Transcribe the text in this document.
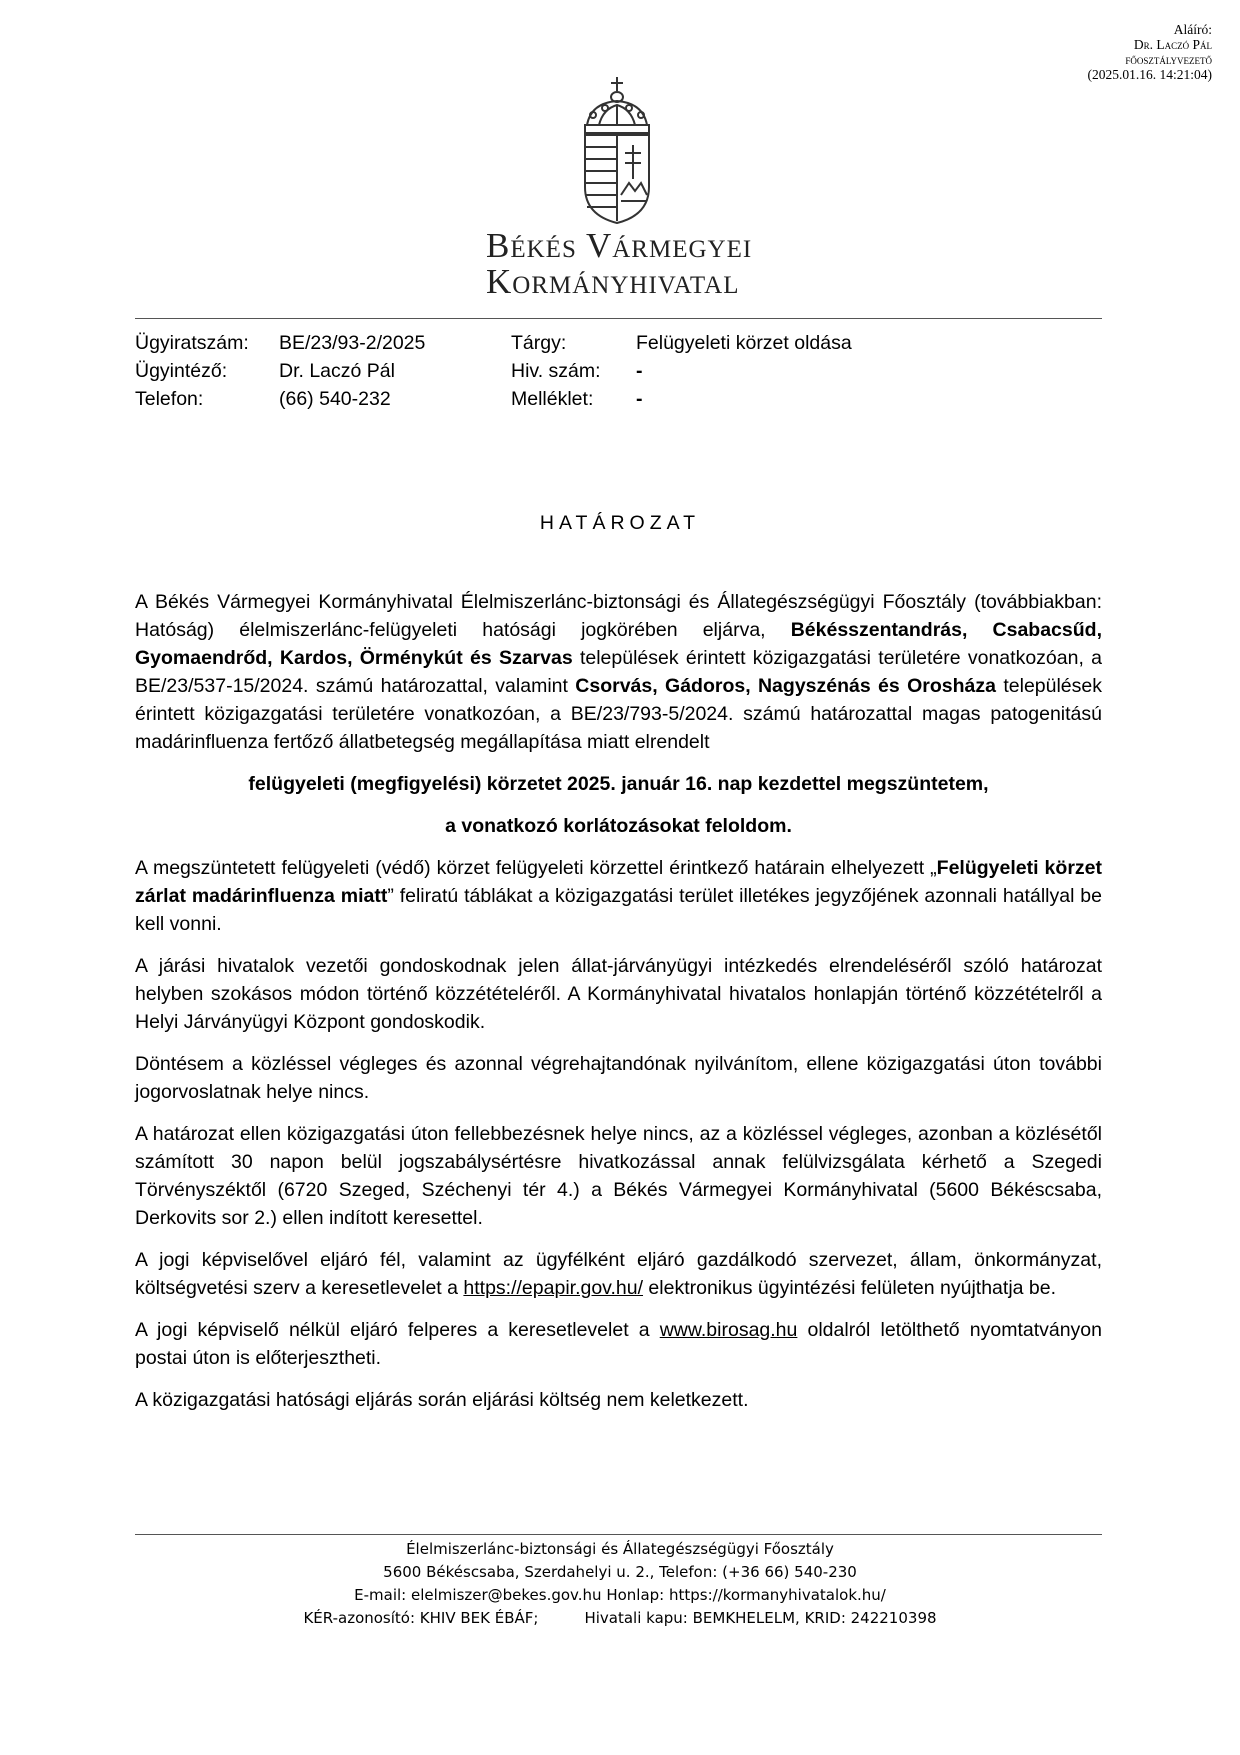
Aláíró:
Dr. Laczó Pál
főosztályvezető
(2025.01.16. 14:21:04)
Békés Vármegyei
Kormányhivatal
Ügyiratszám: BE/23/93-2/2025	Tárgy:	Felügyeleti körzet oldása
Ügyintéző:	Dr. Laczó Pál	Hiv. szám: -
Telefon:	(66) 540-232	Melléklet: -
HATÁROZAT

A Békés Vármegyei Kormányhivatal Élelmiszerlánc-biztonsági és Állategészségügyi Főosztály (továbbiakban: Hatóság) élelmiszerlánc-felügyeleti hatósági jogkörében eljárva, Békésszentandrás, Csabacsűd, Gyomaendrőd, Kardos, Örménykút és Szarvas települések érintett közigazgatási területére vonatkozóan, a BE/23/537-15/2024. számú határozattal, valamint Csorvás, Gádoros, Nagyszénás és Orosháza települések érintett közigazgatási területére vonatkozóan, a BE/23/793-5/2024. számú határozattal magas patogenitású madárinfluenza fertőző állatbetegség megállapítása miatt elrendelt

felügyeleti (megfigyelési) körzetet 2025. január 16. nap kezdettel megszüntetem,

a vonatkozó korlátozásokat feloldom.

A megszüntetett felügyeleti (védő) körzet felügyeleti körzettel érintkező határain elhelyezett „Felügyeleti körzet zárlat madárinfluenza miatt” feliratú táblákat a közigazgatási terület illetékes jegyzőjének azonnali hatállyal be kell vonni.

A járási hivatalok vezetői gondoskodnak jelen állat-járványügyi intézkedés elrendeléséről szóló határozat helyben szokásos módon történő közzétételéről. A Kormányhivatal hivatalos honlapján történő közzétételről a Helyi Járványügyi Központ gondoskodik.

Döntésem a közléssel végleges és azonnal végrehajtandónak nyilvánítom, ellene közigazgatási úton további jogorvoslatnak helye nincs.

A határozat ellen közigazgatási úton fellebbezésnek helye nincs, az a közléssel végleges, azonban a közlésétől számított 30 napon belül jogszabálysértésre hivatkozással annak felülvizsgálata kérhető a Szegedi Törvényszéktől (6720 Szeged, Széchenyi tér 4.) a Békés Vármegyei Kormányhivatal (5600 Békéscsaba, Derkovits sor 2.) ellen indított keresettel.

A jogi képviselővel eljáró fél, valamint az ügyfélként eljáró gazdálkodó szervezet, állam, önkormányzat, költségvetési szerv a keresetlevelet a https://epapir.gov.hu/ elektronikus ügyintézési felületen nyújthatja be.

A jogi képviselő nélkül eljáró felperes a keresetlevelet a www.birosag.hu oldalról letölthető nyomtatványon postai úton is előterjesztheti.

A közigazgatási hatósági eljárás során eljárási költség nem keletkezett.

Élelmiszerlánc-biztonsági és Állategészségügyi Főosztály
5600 Békéscsaba, Szerdahelyi u. 2., Telefon: (+36 66) 540-230
E-mail: elelmiszer@bekes.gov.hu Honlap: https://kormanyhivatalok.hu/
KÉR-azonosító: KHIV BEK ÉBÁF;	Hivatali kapu: BEMKHELELM, KRID: 242210398
